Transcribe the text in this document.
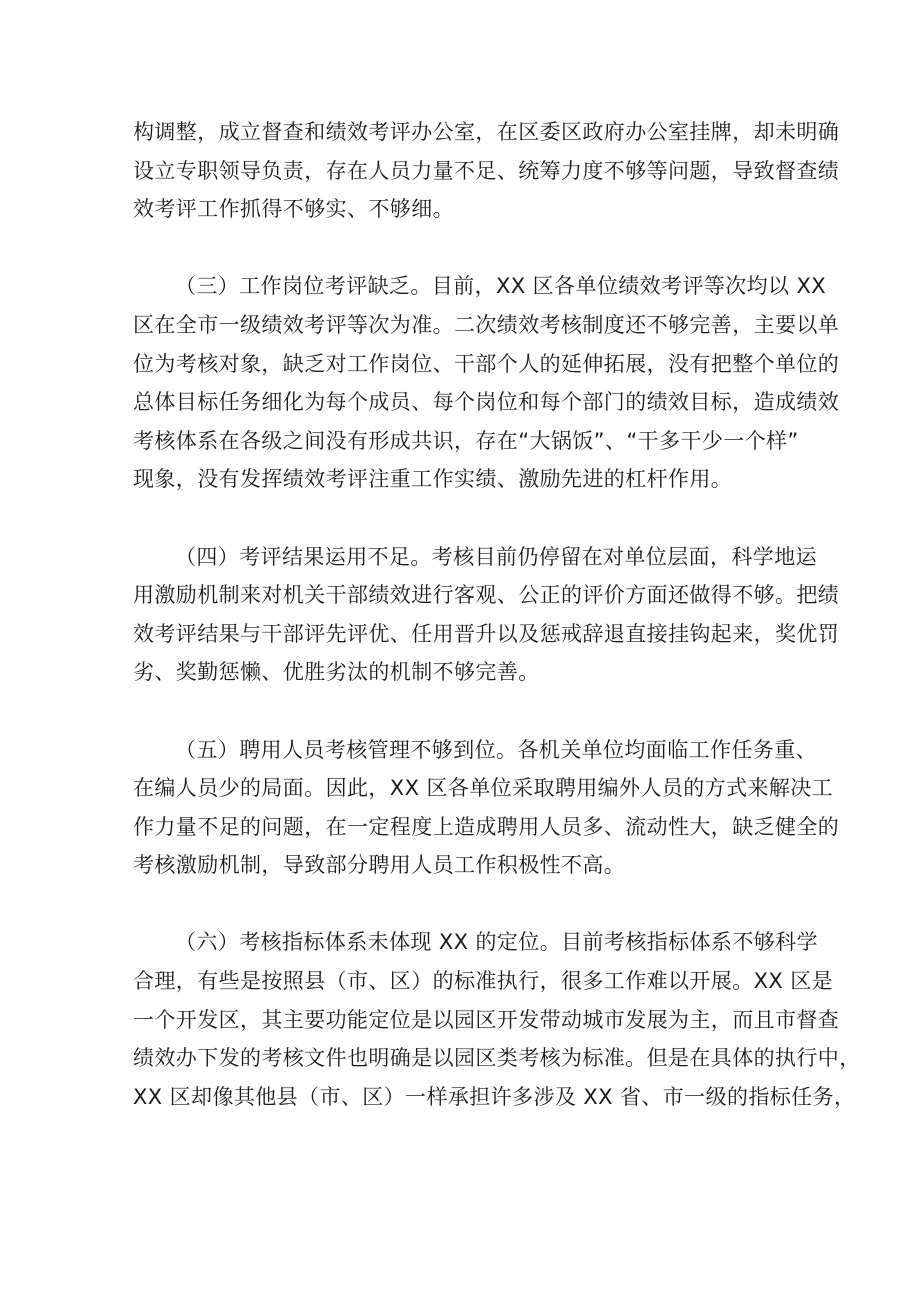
构调整，成立督查和绩效考评办公室，在区委区政府办公室挂牌，却未明确
设立专职领导负责，存在人员力量不足、统筹力度不够等问题，导致督查绩
效考评工作抓得不够实、不够细。
（三）工作岗位考评缺乏。目前，XX 区各单位绩效考评等次均以 XX
区在全市一级绩效考评等次为准。二次绩效考核制度还不够完善，主要以单
位为考核对象，缺乏对工作岗位、干部个人的延伸拓展，没有把整个单位的
总体目标任务细化为每个成员、每个岗位和每个部门的绩效目标，造成绩效
考核体系在各级之间没有形成共识，存在“大锅饭”、“干多干少一个样”
现象，没有发挥绩效考评注重工作实绩、激励先进的杠杆作用。
（四）考评结果运用不足。考核目前仍停留在对单位层面，科学地运
用激励机制来对机关干部绩效进行客观、公正的评价方面还做得不够。把绩
效考评结果与干部评先评优、任用晋升以及惩戒辞退直接挂钩起来，奖优罚
劣、奖勤惩懒、优胜劣汰的机制不够完善。
（五）聘用人员考核管理不够到位。各机关单位均面临工作任务重、
在编人员少的局面。因此，XX 区各单位采取聘用编外人员的方式来解决工
作力量不足的问题，在一定程度上造成聘用人员多、流动性大，缺乏健全的
考核激励机制，导致部分聘用人员工作积极性不高。
（六）考核指标体系未体现 XX 的定位。目前考核指标体系不够科学
合理，有些是按照县（市、区）的标准执行，很多工作难以开展。XX 区是
一个开发区，其主要功能定位是以园区开发带动城市发展为主，而且市督查
绩效办下发的考核文件也明确是以园区类考核为标准。但是在具体的执行中，
XX 区却像其他县（市、区）一样承担许多涉及 XX 省、市一级的指标任务，
